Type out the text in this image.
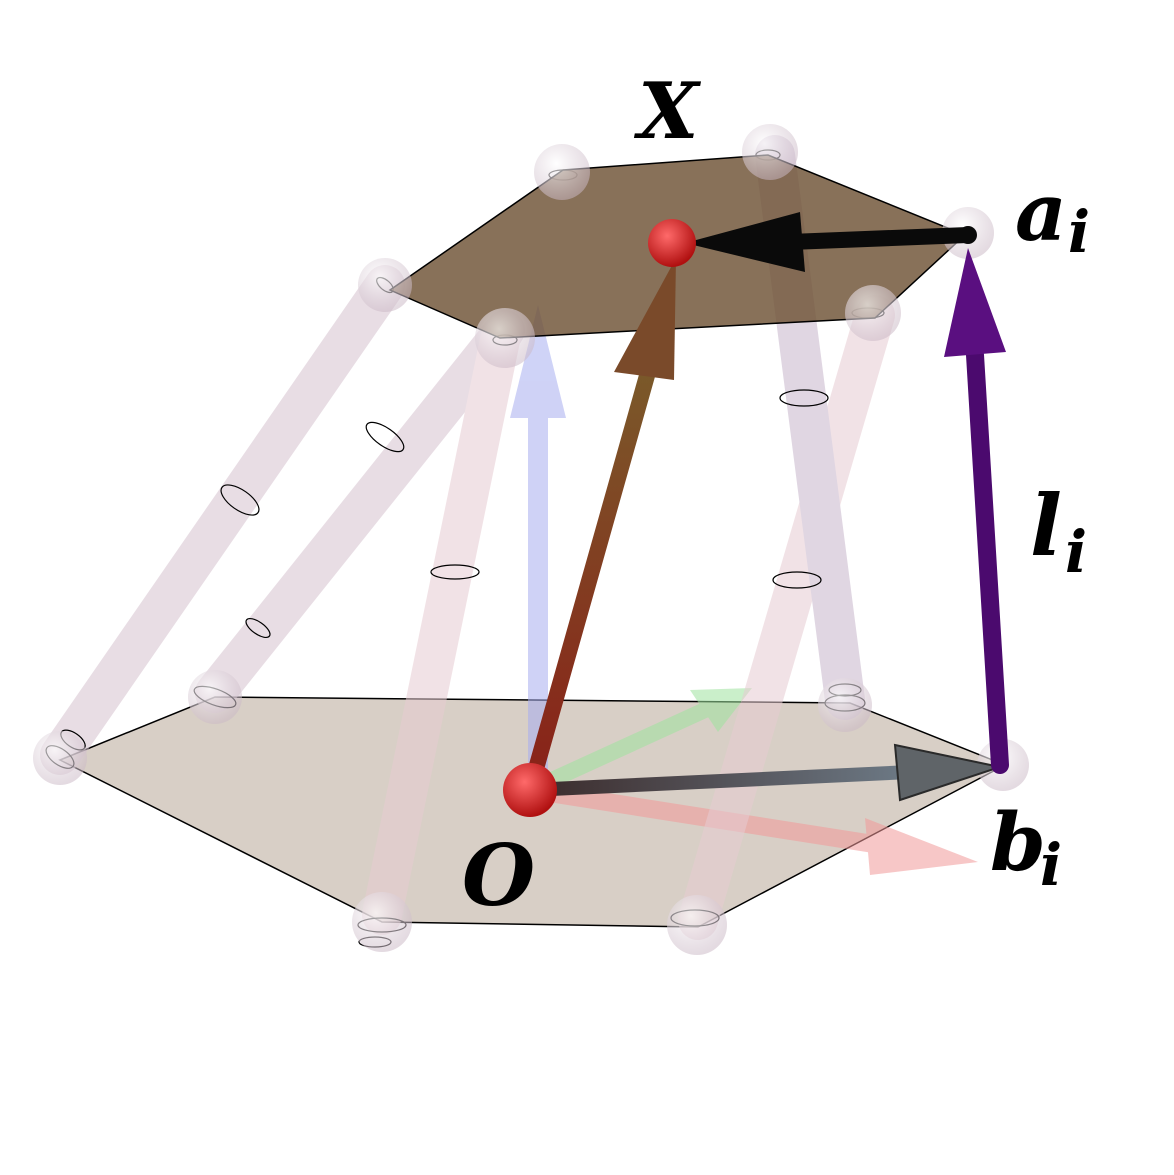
X
O
a i
b
i
l i
